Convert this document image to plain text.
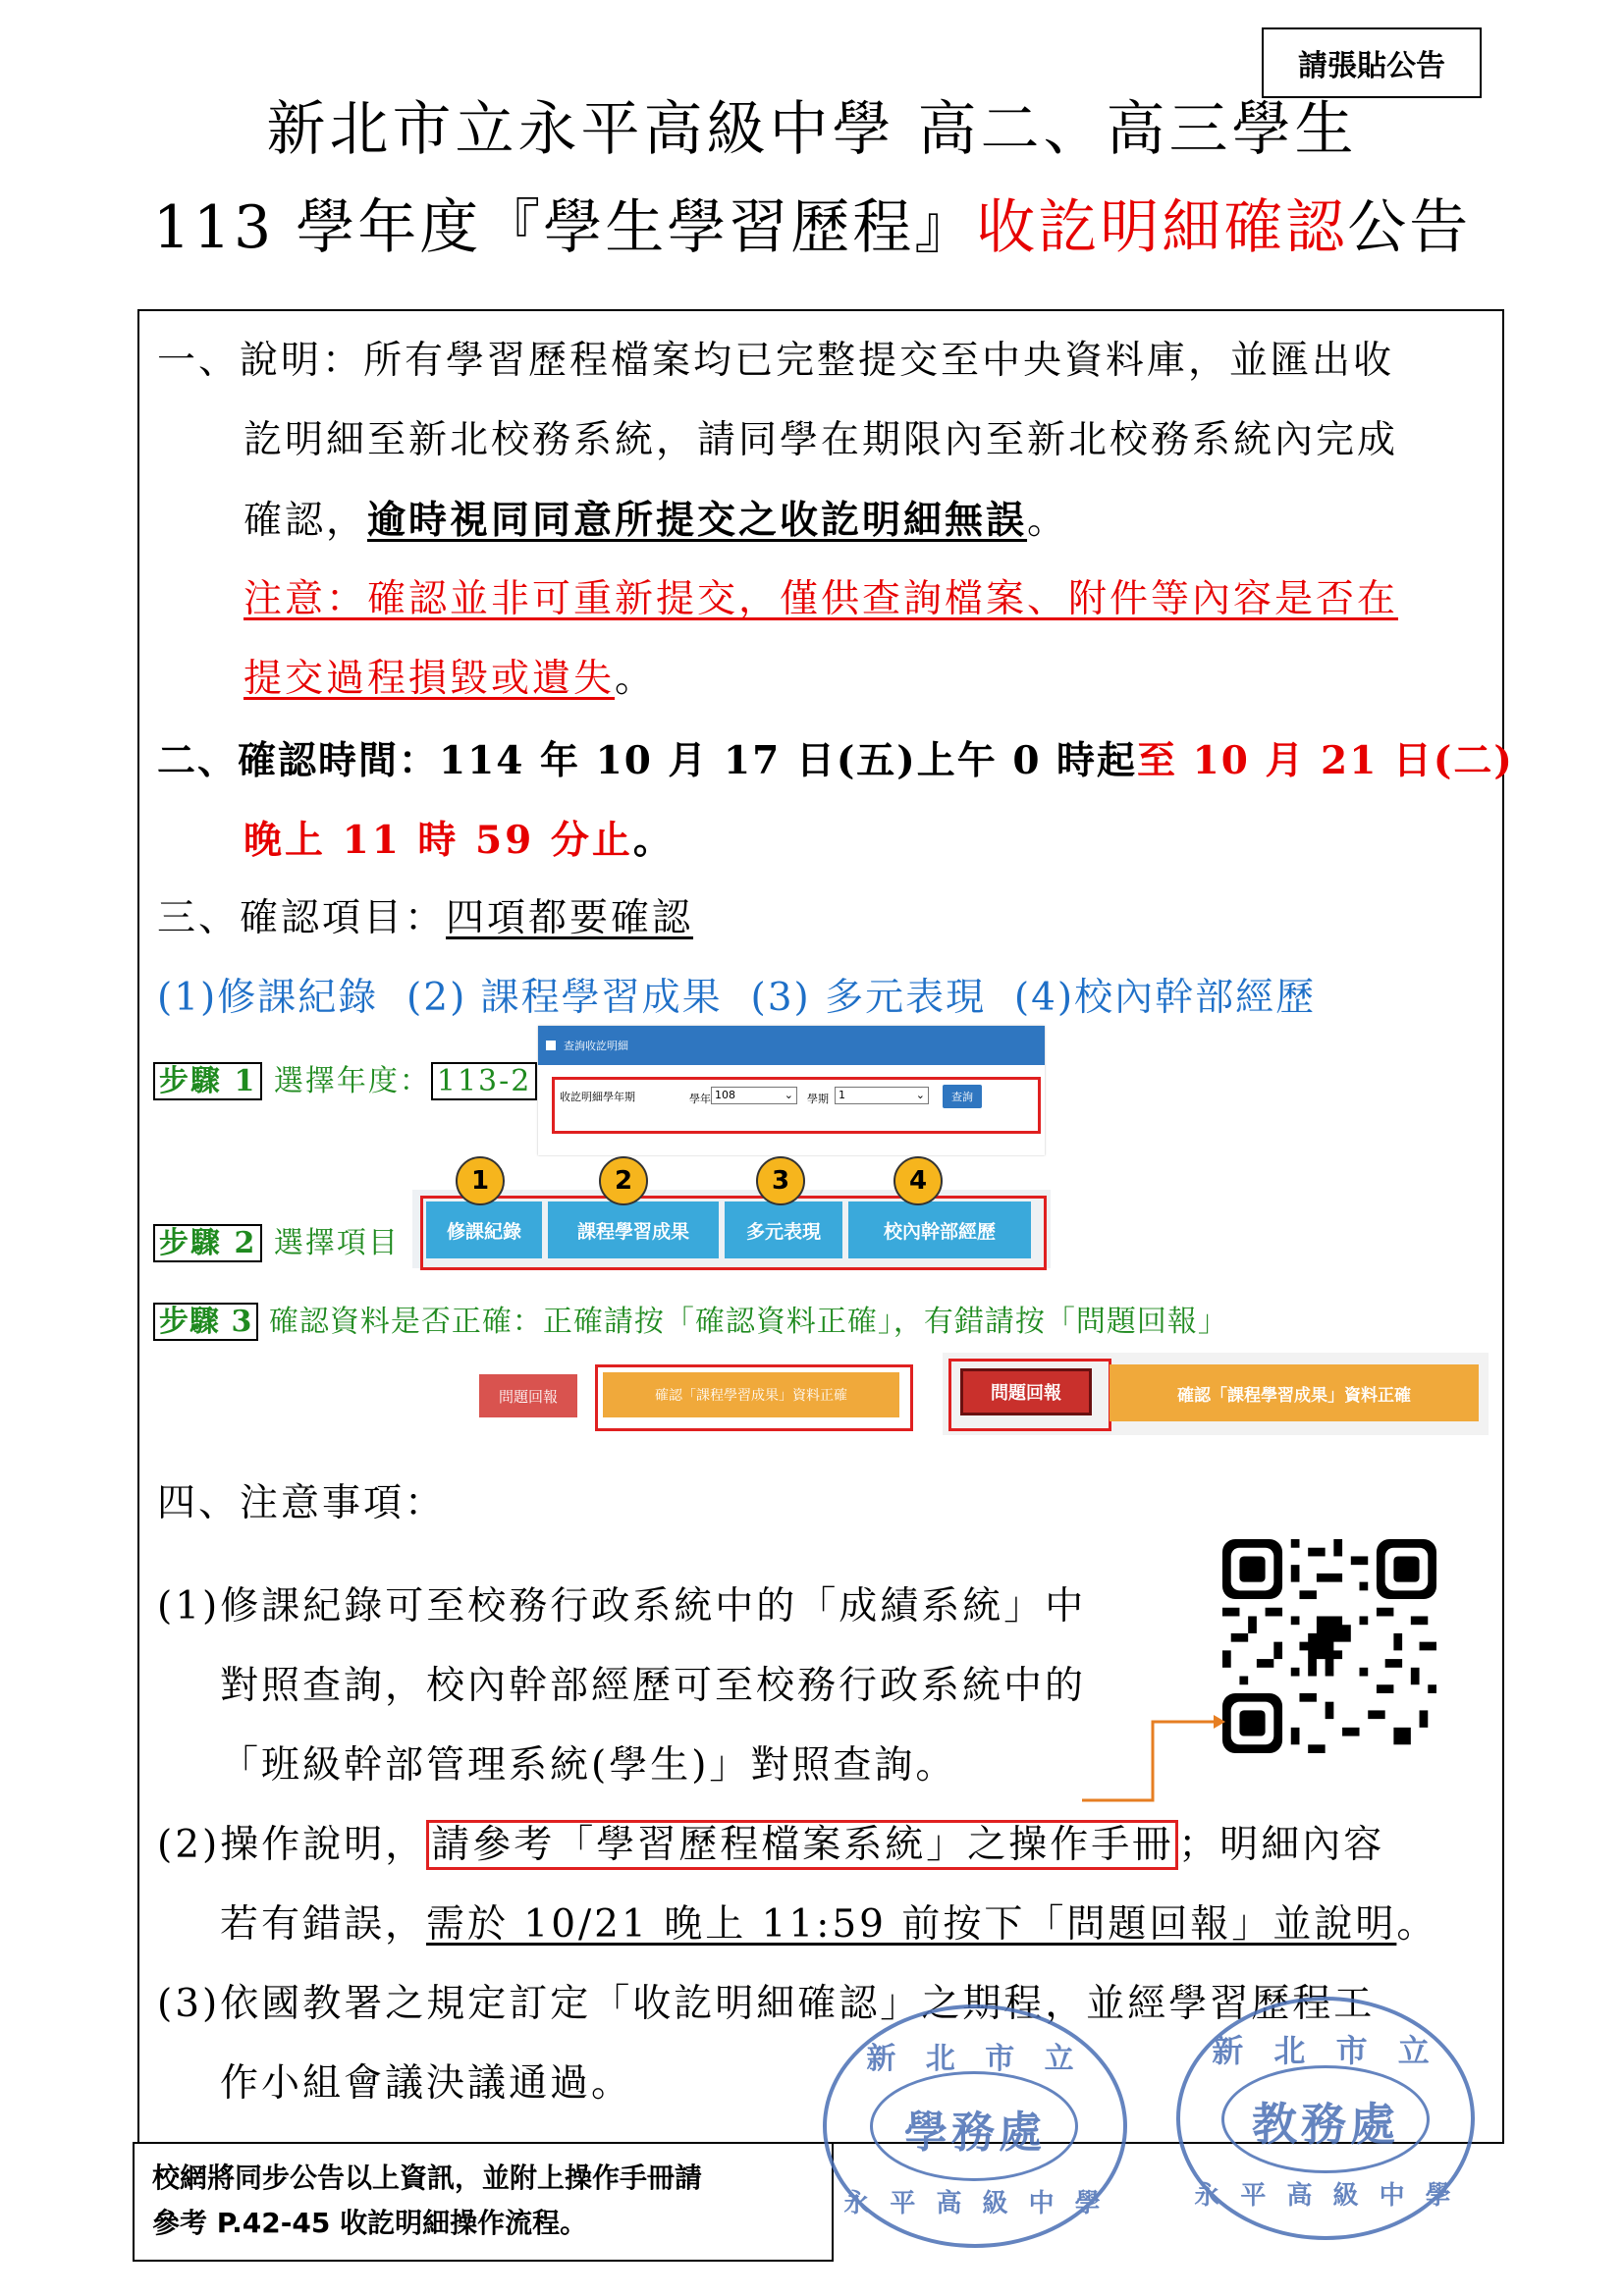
請張貼公告
新北市立永平高級中學 高二、高三學生
113 學年度『學生學習歷程』收訖明細確認公告
一、說明：所有學習歷程檔案均已完整提交至中央資料庫，並匯出收
訖明細至新北校務系統，請同學在期限內至新北校務系統內完成
確認，逾時視同同意所提交之收訖明細無誤。
注意：確認並非可重新提交，僅供查詢檔案、附件等內容是否在
提交過程損毀或遺失。
二、確認時間：114 年 10 月 17 日(五)上午 0 時起至 10 月 21 日(二)
晚上 11 時 59 分止。
三、確認項目：四項都要確認
(1)修課紀錄  (2) 課程學習成果  (3) 多元表現  (4)校內幹部經歷
步驟 1 選擇年度： 113-2
查詢收訖明細
收訖明細學年期	學年 108	⌄ 學期 1	⌄	查詢
步驟 2 選擇項目	修課紀錄	課程學習成果	多元表現	校內幹部經歷
1	2	3	4
步驟 3 確認資料是否正確：正確請按「確認資料正確」，有錯請按「問題回報」
問題回報	確認「課程學習成果」資料正確	問題回報	確認「課程學習成果」資料正確
四、注意事項：
(1)修課紀錄可至校務行政系統中的「成績系統」中
對照查詢，校內幹部經歷可至校務行政系統中的
「班級幹部管理系統(學生)」對照查詢。
(2)操作說明， 請參考「學習歷程檔案系統」之操作手冊 ；明細內容
若有錯誤，需於 10/21 晚上 11:59 前按下「問題回報」並說明。
(3)依國教署之規定訂定「收訖明細確認」之期程，並經學習歷程工
作小組會議決議通過。
校網將同步公告以上資訊，並附上操作手冊請
參考 P.42-45 收訖明細操作流程。
新 北 市 立
學務處
永 平 高 級 中 學
新 北 市 立
教務處
永 平 高 級 中 學
